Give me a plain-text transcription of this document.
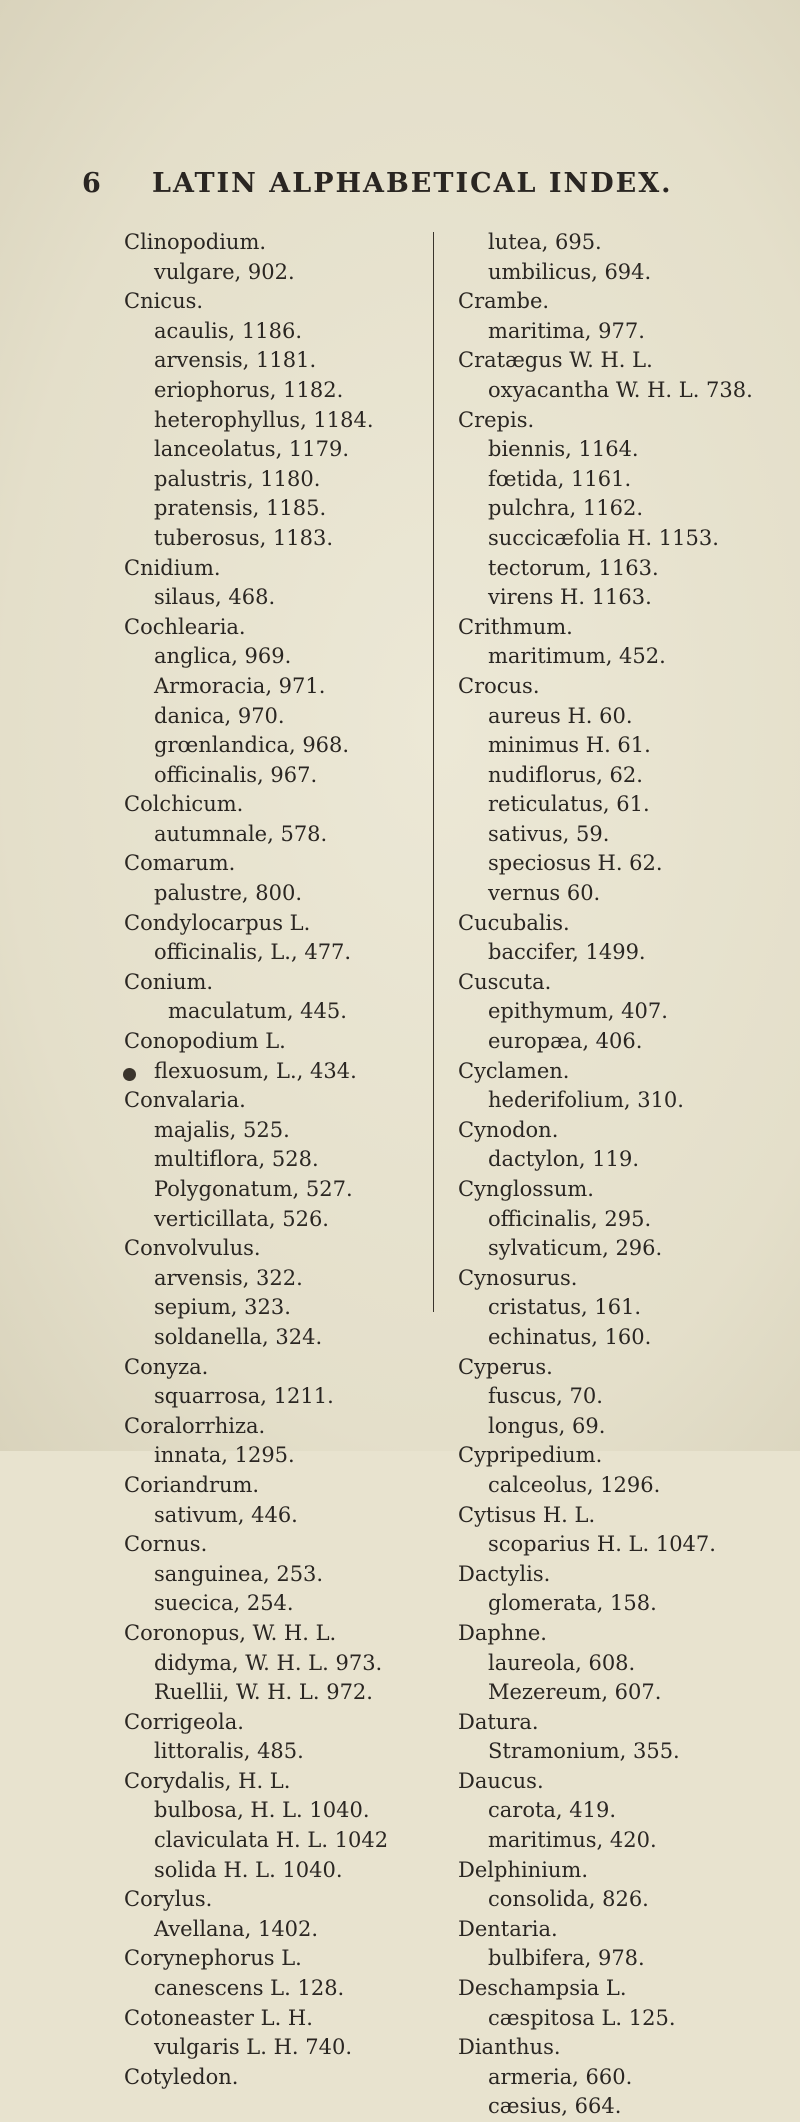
6 LATIN ALPHABETICAL INDEX.
Clinopodium.
vulgare, 902.
Cnicus.
acaulis, 1186.
arvensis, 1181.
eriophorus, 1182.
heterophyllus, 1184.
lanceolatus, 1179.
palustris, 1180.
pratensis, 1185.
tuberosus, 1183.
Cnidium.
silaus, 468.
Cochlearia.
anglica, 969.
Armoracia, 971.
danica, 970.
grœnlandica, 968.
officinalis, 967.
Colchicum.
autumnale, 578.
Comarum.
palustre, 800.
Condylocarpus L.
officinalis, L., 477.
Conium.
maculatum, 445.
Conopodium L.
flexuosum, L., 434.
Convalaria.
majalis, 525.
multiflora, 528.
Polygonatum, 527.
verticillata, 526.
Convolvulus.
arvensis, 322.
sepium, 323.
soldanella, 324.
Conyza.
squarrosa, 1211.
Coralorrhiza.
innata, 1295.
Coriandrum.
sativum, 446.
Cornus.
sanguinea, 253.
suecica, 254.
Coronopus, W. H. L.
didyma, W. H. L. 973.
Ruellii, W. H. L. 972.
Corrigeola.
littoralis, 485.
Corydalis, H. L.
bulbosa, H. L. 1040.
claviculata H. L. 1042
solida H. L. 1040.
Corylus.
Avellana, 1402.
Corynephorus L.
canescens L. 128.
Cotoneaster L. H.
vulgaris L. H. 740.
Cotyledon.
lutea, 695.
umbilicus, 694.
Crambe.
maritima, 977.
Cratægus W. H. L.
oxyacantha W. H. L. 738.
Crepis.
biennis, 1164.
fœtida, 1161.
pulchra, 1162.
succicæfolia H. 1153.
tectorum, 1163.
virens H. 1163.
Crithmum.
maritimum, 452.
Crocus.
aureus H. 60.
minimus H. 61.
nudiflorus, 62.
reticulatus, 61.
sativus, 59.
speciosus H. 62.
vernus 60.
Cucubalis.
baccifer, 1499.
Cuscuta.
epithymum, 407.
europæa, 406.
Cyclamen.
hederifolium, 310.
Cynodon.
dactylon, 119.
Cynglossum.
officinalis, 295.
sylvaticum, 296.
Cynosurus.
cristatus, 161.
echinatus, 160.
Cyperus.
fuscus, 70.
longus, 69.
Cypripedium.
calceolus, 1296.
Cytisus H. L.
scoparius H. L. 1047.
Dactylis.
glomerata, 158.
Daphne.
laureola, 608.
Mezereum, 607.
Datura.
Stramonium, 355.
Daucus.
carota, 419.
maritimus, 420.
Delphinium.
consolida, 826.
Dentaria.
bulbifera, 978.
Deschampsia L.
cæspitosa L. 125.
Dianthus.
armeria, 660.
cæsius, 664.
